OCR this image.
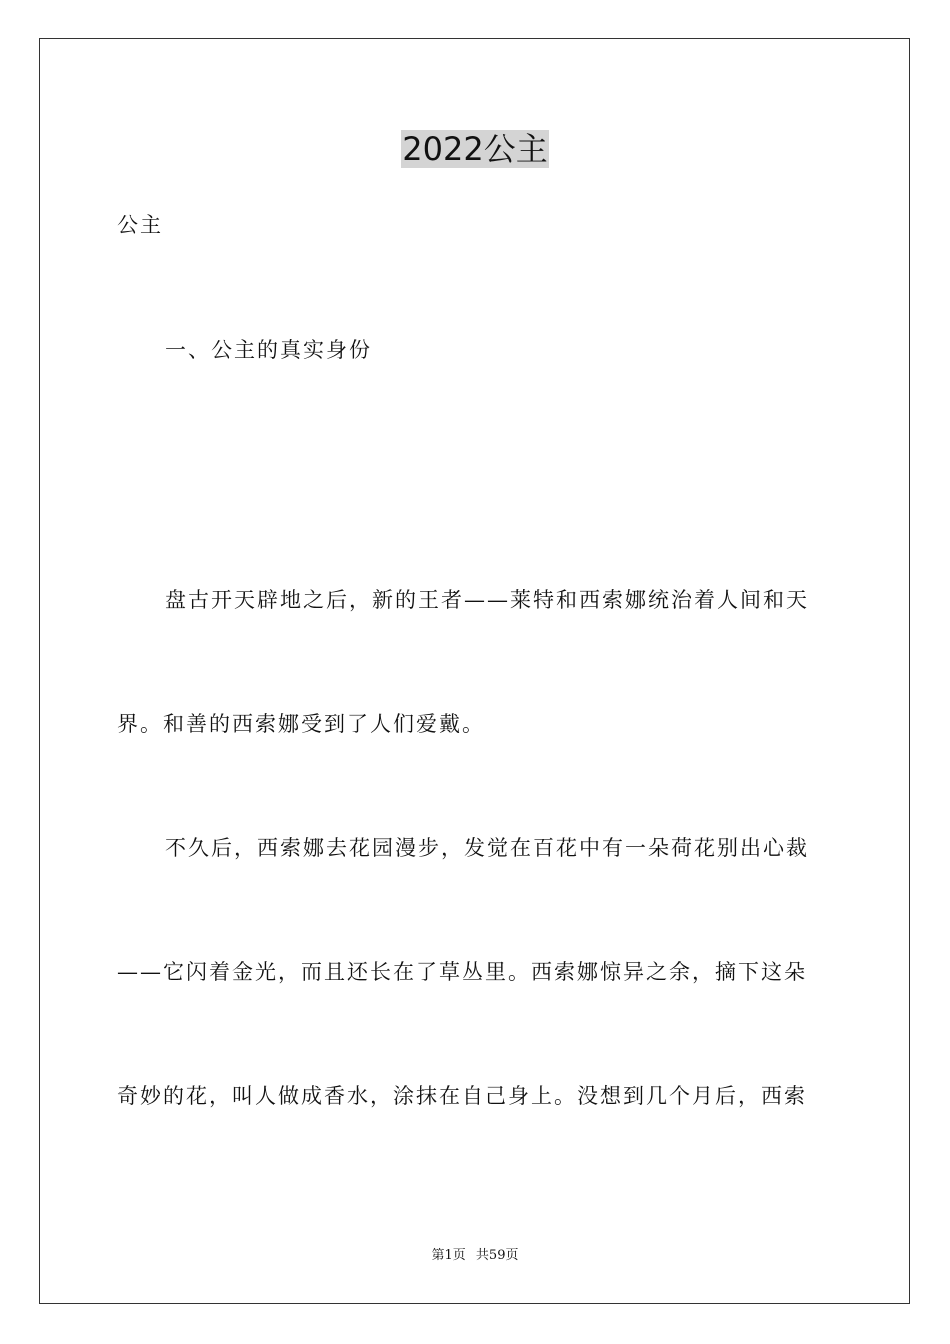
2022公主
公主
一、公主的真实身份
盘古开天辟地之后，新的王者——莱特和西索娜统治着人间和天
界。和善的西索娜受到了人们爱戴。
不久后，西索娜去花园漫步，发觉在百花中有一朵荷花别出心裁
——它闪着金光，而且还长在了草丛里。西索娜惊异之余，摘下这朵
奇妙的花，叫人做成香水，涂抹在自己身上。没想到几个月后，西索
第1页 共59页
